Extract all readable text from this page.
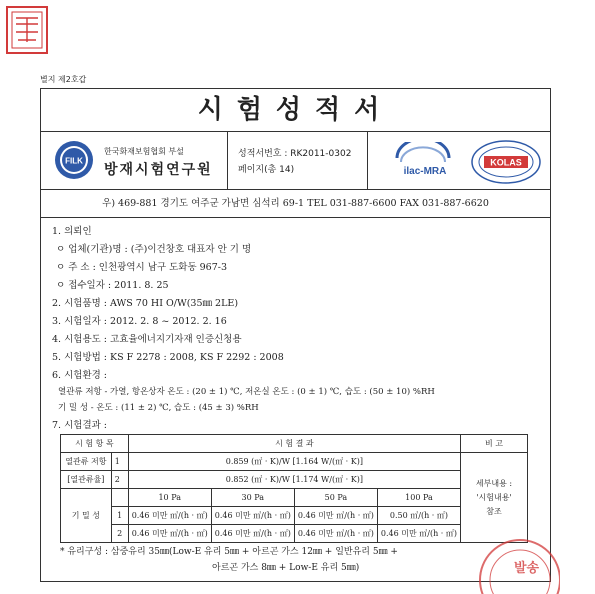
별지 제2호갑
시험성적서
FILK
한국화재보험협회 부설
방재시험연구원
성적서번호 : RK2011-0302
페이지(총 14)	ilac-MRA
KOLAS
우) 469-881 경기도 여주군 가남면 심석리 69-1 TEL 031-887-6600 FAX 031-887-6620
1. 의뢰인
ㅇ 업체(기관)명 : (주)이건창호 대표자 안 기 명
ㅇ 주 소 : 인천광역시 남구 도화동 967-3
ㅇ 접수일자 : 2011. 8. 25
2. 시험품명 : AWS 70 HI O/W(35㎜ 2LE)
3. 시험일자 : 2012. 2. 8 ~ 2012. 2. 16
4. 시험용도 : 고효율에너지기자재 인증신청용
5. 시험방법 : KS F 2278 : 2008, KS F 2292 : 2008
6. 시험환경 :
열관류 저항 - 가열, 항온상자 온도 : (20 ± 1) ℃, 저온실 온도 : (0 ± 1) ℃, 습도 : (50 ± 10) %RH
기 밀 성 - 온도 : (11 ± 2) ℃, 습도 : (45 ± 3) %RH
7. 시험결과 :
시 험 항 목		시 험 결 과				비 고
열관류 저항	1	0.859 (㎡ · K)/W [1.164 W/(㎡ · K)]				세부내용 :
'시험내용'
참조

[열관류율]	2	0.852 (㎡ · K)/W [1.174 W/(㎡ · K)]				
기 밀 성		10 Pa	30 Pa	50 Pa	100 Pa	
	1	0.46 미만 ㎥/(h · ㎡)	0.46 미만 ㎥/(h · ㎡)	0.46 미만 ㎥/(h · ㎡)	0.50 ㎥/(h · ㎡)	
	2	0.46 미만 ㎥/(h · ㎡)	0.46 미만 ㎥/(h · ㎡)	0.46 미만 ㎥/(h · ㎡)	0.46 미만 ㎥/(h · ㎡)	
* 유리구성 : 삼중유리 35㎜(Low-E 유리 5㎜ + 아르곤 가스 12㎜ + 일반유리 5㎜ +
아르곤 가스 8㎜ + Low-E 유리 5㎜)	발송
